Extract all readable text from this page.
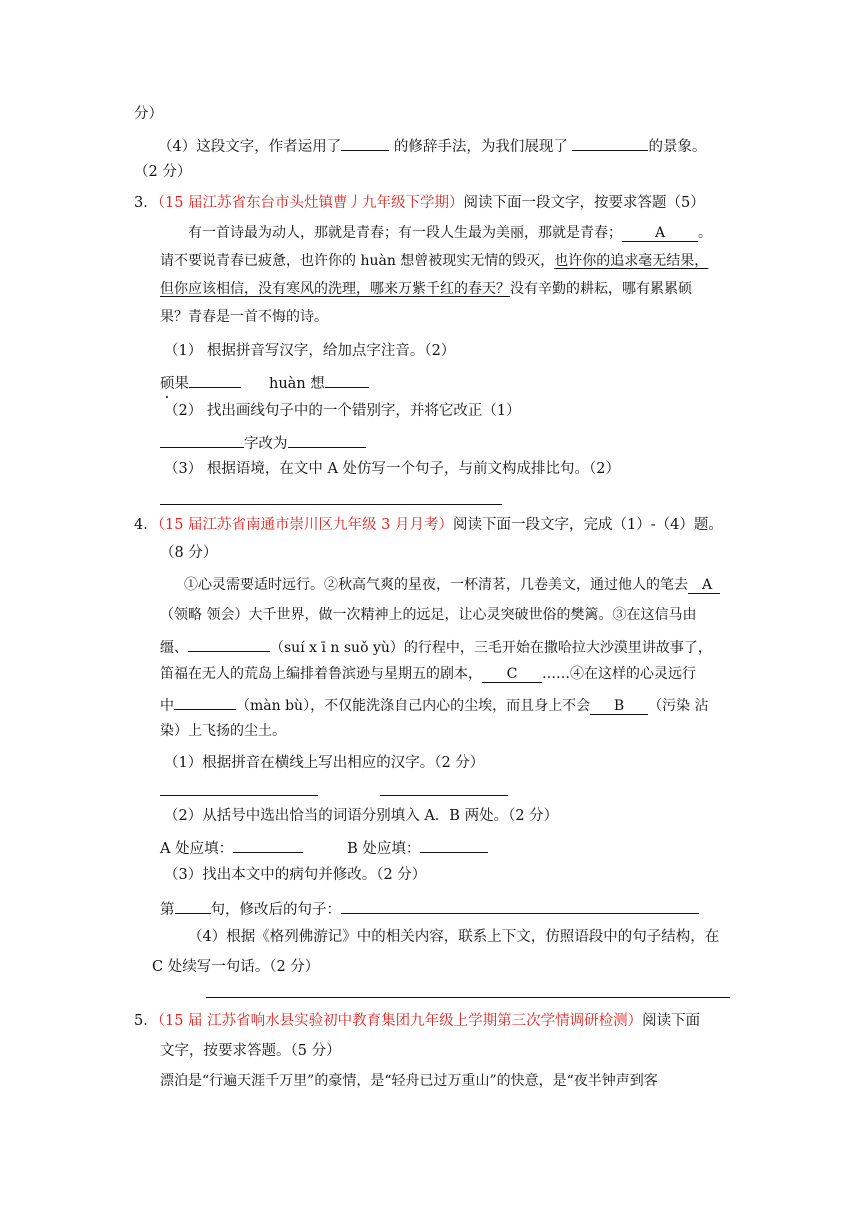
分）
（4）这段文字，作者运用了	的修辞手法，为我们展现了	的景象。
（2 分）
3．（15 届江苏省东台市头灶镇曹丿九年级下学期）阅读下面一段文字，按要求答题（5）
有一首诗最为动人，那就是青春；有一段人生最为美丽，那就是青春； A 。
请不要说青春已疲惫，也许你的 huàn 想曾被现实无情的毁灭，也许你的追求毫无结果，
但你应该相信，没有寒风的洗理，哪来万紫千红的春天？没有辛勤的耕耘，哪有累累硕
果？青春是一首不悔的诗。
（1） 根据拼音写汉字，给加点字注音。（2）
硕果	huàn 想
（2） 找出画线句子中的一个错别字，并将它改正（1）
字改为
（3） 根据语境，在文中 A 处仿写一个句子，与前文构成排比句。（2）
4．（15 届江苏省南通市崇川区九年级 3 月月考）阅读下面一段文字，完成（1）-（4）题。
（8 分）
①心灵需要适时远行。②秋高气爽的星夜，一杯清茗，几卷美文，通过他人的笔去 A
（领略 领会）大千世界，做一次精神上的远足，让心灵突破世俗的樊篱。③在这信马由
缰、	（suí x ī n suǒ yù）的行程中，三毛开始在撒哈拉大沙漠里讲故事了，
笛福在无人的荒岛上编排着鲁滨逊与星期五的剧本， C ……④在这样的心灵远行
中	（màn bù），不仅能洗涤自己内心的尘埃，而且身上不会 B （污染 沾
染）上飞扬的尘土。
（1）根据拼音在横线上写出相应的汉字。（2 分）
（2）从括号中选出恰当的词语分别填入 A．B 两处。（2 分）
A 处应填：	B 处应填：
（3）找出本文中的病句并修改。（2 分）
第 句，修改后的句子：
（4）根据《格列佛游记》中的相关内容，联系上下文，仿照语段中的句子结构，在
C 处续写一句话。（2 分）
5．（15 届 江苏省响水县实验初中教育集团九年级上学期第三次学情调研检测）阅读下面
文字，按要求答题。（5 分）
漂泊是“行遍天涯千万里”的豪情，是“轻舟已过万重山”的快意，是“夜半钟声到客
